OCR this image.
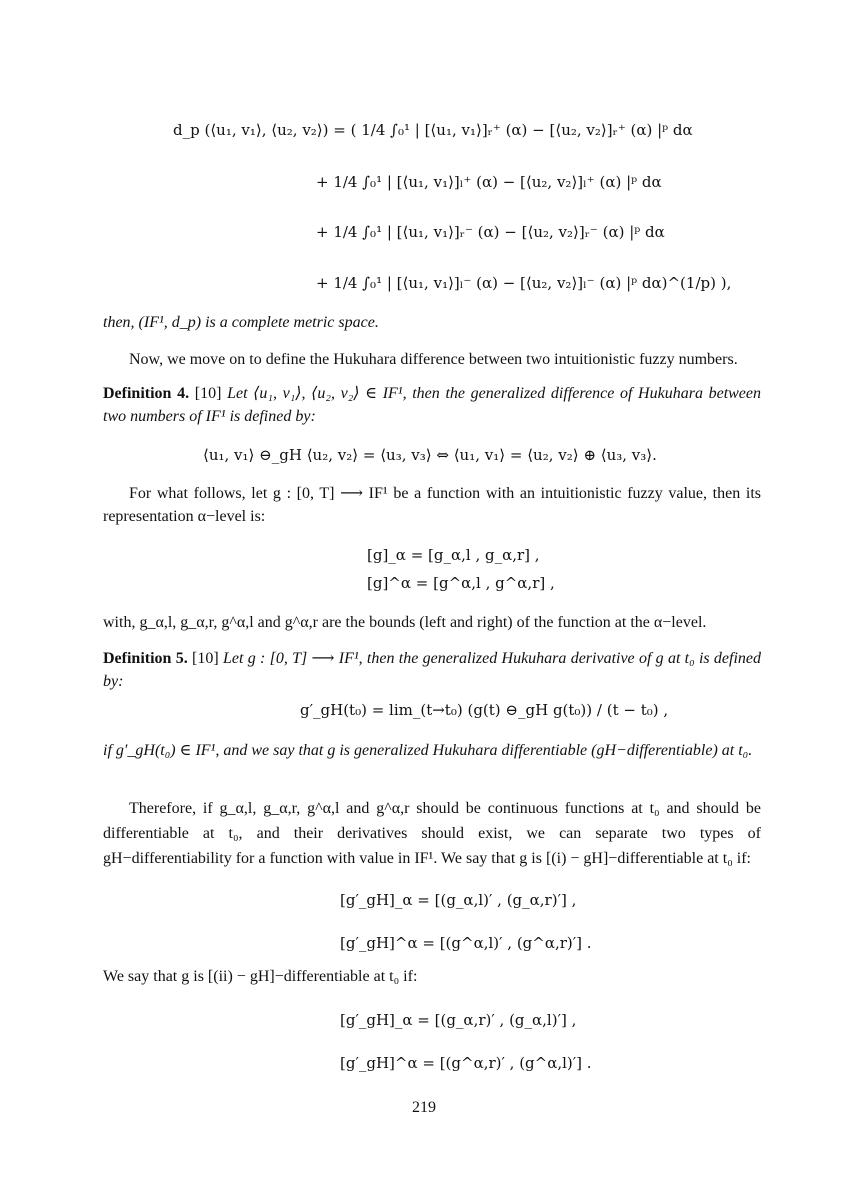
d_p (⟨u₁, v₁⟩, ⟨u₂, v₂⟩) = ( 1/4 ∫₀¹ | [⟨u₁, v₁⟩]ᵣ⁺ (α) − [⟨u₂, v₂⟩]ᵣ⁺ (α) |ᵖ dα
+ 1/4 ∫₀¹ | [⟨u₁, v₁⟩]ₗ⁺ (α) − [⟨u₂, v₂⟩]ₗ⁺ (α) |ᵖ dα
+ 1/4 ∫₀¹ | [⟨u₁, v₁⟩]ᵣ⁻ (α) − [⟨u₂, v₂⟩]ᵣ⁻ (α) |ᵖ dα
+ 1/4 ∫₀¹ | [⟨u₁, v₁⟩]ₗ⁻ (α) − [⟨u₂, v₂⟩]ₗ⁻ (α) |ᵖ dα)^(1/p) ),
then, (IF¹, d_p) is a complete metric space.
Now, we move on to define the Hukuhara difference between two intuitionistic fuzzy numbers.
Definition 4. [10] Let ⟨u₁, v₁⟩, ⟨u₂, v₂⟩ ∈ IF¹, then the generalized difference of Hukuhara between two numbers of IF¹ is defined by:
⟨u₁, v₁⟩ ⊖_gH ⟨u₂, v₂⟩ = ⟨u₃, v₃⟩ ⇔ ⟨u₁, v₁⟩ = ⟨u₂, v₂⟩ ⊕ ⟨u₃, v₃⟩.
For what follows, let g : [0, T] ⟶ IF¹ be a function with an intuitionistic fuzzy value, then its representation α−level is:
[g]_α = [g_α,l , g_α,r] ,
[g]^α = [g^α,l , g^α,r] ,
with, g_α,l, g_α,r, g^α,l and g^α,r are the bounds (left and right) of the function at the α−level.
Definition 5. [10] Let g : [0, T] ⟶ IF¹, then the generalized Hukuhara derivative of g at t₀ is defined by:
g′_gH(t₀) = lim_(t→t₀) (g(t) ⊖_gH g(t₀)) / (t − t₀) ,
if g′_gH(t₀) ∈ IF¹, and we say that g is generalized Hukuhara differentiable (gH−differentiable) at t₀.
Therefore, if g_α,l, g_α,r, g^α,l and g^α,r should be continuous functions at t₀ and should be differentiable at t₀, and their derivatives should exist, we can separate two types of gH−differentiability for a function with value in IF¹. We say that g is [(i) − gH]−differentiable at t₀ if:
[g′_gH]_α = [(g_α,l)′ , (g_α,r)′] ,
[g′_gH]^α = [(g^α,l)′ , (g^α,r)′] .
We say that g is [(ii) − gH]−differentiable at t₀ if:
[g′_gH]_α = [(g_α,r)′ , (g_α,l)′] ,
[g′_gH]^α = [(g^α,r)′ , (g^α,l)′] .
219
